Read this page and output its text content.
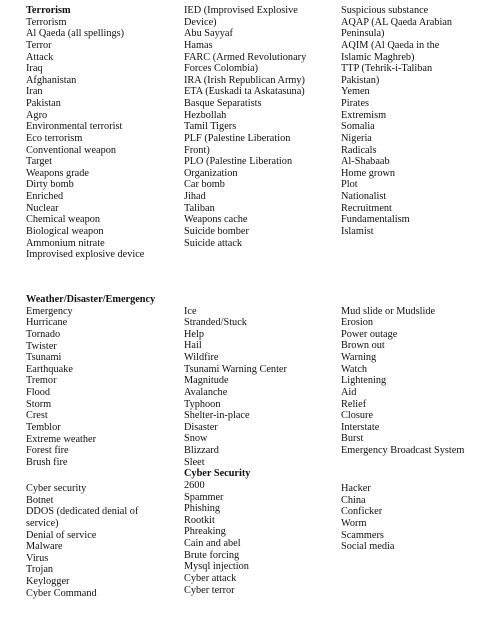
Terrorism
Terrorism
Al Qaeda (all spellings)
Terror
Attack
Iraq
Afghanistan
Iran
Pakistan
Agro
Environmental terrorist
Eco terrorism
Conventional weapon
Target
Weapons grade
Dirty bomb
Enriched
Nuclear
Chemical weapon
Biological weapon
Ammonium nitrate
Improvised explosive device
IED (Improvised Explosive
Device)
Abu Sayyaf
Hamas
FARC (Armed Revolutionary
Forces Colombia)
IRA (Irish Republican Army)
ETA (Euskadi ta Askatasuna)
Basque Separatists
Hezbollah
Tamil Tigers
PLF (Palestine Liberation
Front)
PLO (Palestine Liberation
Organization
Car bomb
Jihad
Taliban
Weapons cache
Suicide bomber
Suicide attack
Suspicious substance
AQAP (AL Qaeda Arabian
Peninsula)
AQIM (Al Qaeda in the
Islamic Maghreb)
TTP (Tehrik-i-Taliban
Pakistan)
Yemen
Pirates
Extremism
Somalia
Nigeria
Radicals
Al-Shabaab
Home grown
Plot
Nationalist
Recruitment
Fundamentalism
Islamist
Weather/Disaster/Emergency
Emergency
Hurricane
Tornado
Twister
Tsunami
Earthquake
Tremor
Flood
Storm
Crest
Temblor
Extreme weather
Forest fire
Brush fire
Ice
Stranded/Stuck
Help
Hail
Wildfire
Tsunami Warning Center
Magnitude
Avalanche
Typhoon
Shelter-in-place
Disaster
Snow
Blizzard
Sleet
Cyber Security
2600
Spammer
Phishing
Rootkit
Phreaking
Cain and abel
Brute forcing
Mysql injection
Cyber attack
Cyber terror
Mud slide or Mudslide
Erosion
Power outage
Brown out
Warning
Watch
Lightening
Aid
Relief
Closure
Interstate
Burst
Emergency Broadcast System
Cyber security
Botnet
DDOS (dedicated denial of
service)
Denial of service
Malware
Virus
Trojan
Keylogger
Cyber Command
Hacker
China
Conficker
Worm
Scammers
Social media
